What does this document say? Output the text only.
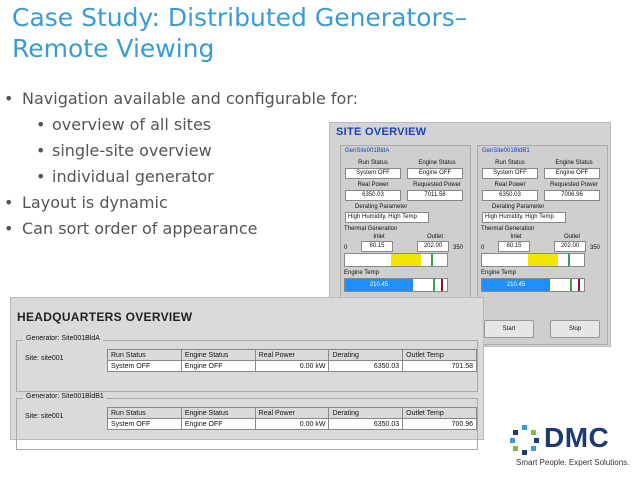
Case Study: Distributed Generators–
Remote Viewing
• Navigation available and configurable for:
• overview of all sites
• single-site overview
• individual generator
• Layout is dynamic
• Can sort order of appearance
SITE OVERVIEW
GenSite001BldA
Run Status	Engine Status
System OFF	Engine OFF
Real Power	Requested Power
6350.03	7011.58
Derating Parameter
High Humidity, High Temp
Thermal Generation
Inlet	Outlet
80.15	202.00
0	350
Engine Temp
210.45
GenSite001BldB1
Run Status	Engine Status
System OFF	Engine OFF
Real Power	Requested Power
6350.03	7006.96
Derating Parameter
High Humidity, High Temp
Thermal Generation
Inlet	Outlet
80.15	202.00
0	350
Engine Temp
210.45
Start	Stop
HEADQUARTERS OVERVIEW
Generator: Site001BldA
Site: site001	Run Status	Engine Status	Real Power	Derating	Outlet Temp
System OFF	Engine OFF	0.00 kW	6350.03	701.58
Generator: Site001BldB1
Site: site001	Run Status	Engine Status	Real Power	Derating	Outlet Temp
System OFF	Engine OFF	0.00 kW	6350.03	700.96	DMC
Smart People. Expert Solutions.
